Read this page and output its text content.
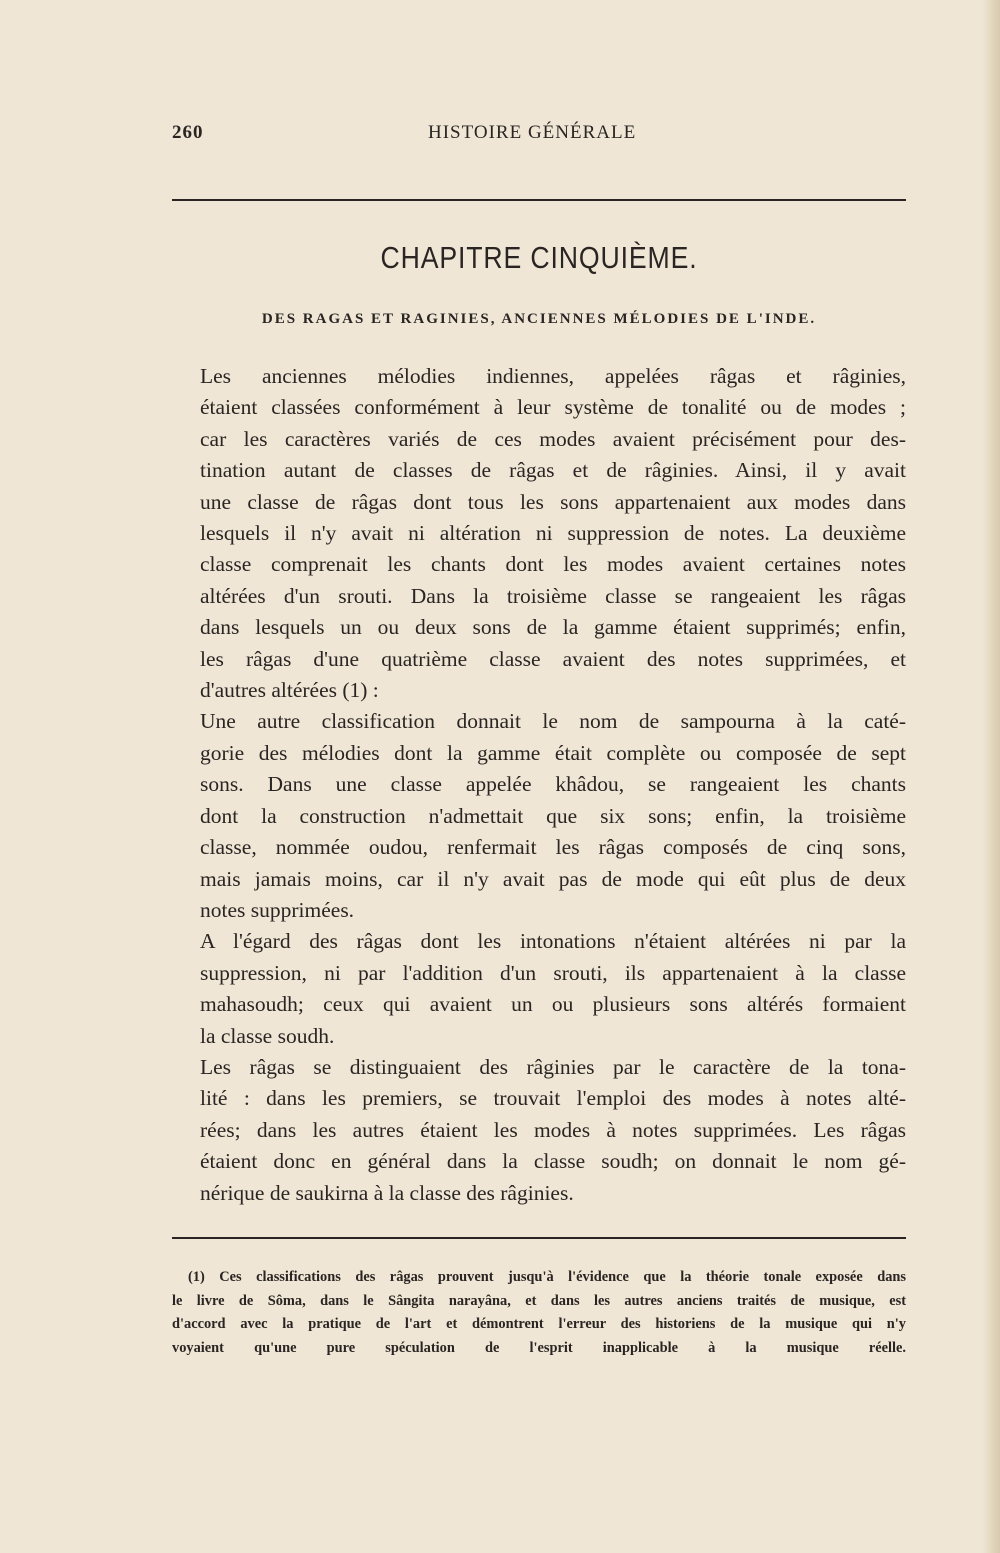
260	HISTOIRE GÉNÉRALE
CHAPITRE CINQUIÈME.
DES RAGAS ET RAGINIES, ANCIENNES MÉLODIES DE L'INDE.
Les anciennes mélodies indiennes, appelées râgas et râginies,
étaient classées conformément à leur système de tonalité ou de modes ;
car les caractères variés de ces modes avaient précisément pour des-
tination autant de classes de râgas et de râginies. Ainsi, il y avait
une classe de râgas dont tous les sons appartenaient aux modes dans
lesquels il n'y avait ni altération ni suppression de notes. La deuxième
classe comprenait les chants dont les modes avaient certaines notes
altérées d'un srouti. Dans la troisième classe se rangeaient les râgas
dans lesquels un ou deux sons de la gamme étaient supprimés; enfin,
les râgas d'une quatrième classe avaient des notes supprimées, et
d'autres altérées (1) :
Une autre classification donnait le nom de sampourna à la caté-
gorie des mélodies dont la gamme était complète ou composée de sept
sons. Dans une classe appelée khâdou, se rangeaient les chants
dont la construction n'admettait que six sons; enfin, la troisième
classe, nommée oudou, renfermait les râgas composés de cinq sons,
mais jamais moins, car il n'y avait pas de mode qui eût plus de deux
notes supprimées.
A l'égard des râgas dont les intonations n'étaient altérées ni par la
suppression, ni par l'addition d'un srouti, ils appartenaient à la classe
mahasoudh; ceux qui avaient un ou plusieurs sons altérés formaient
la classe soudh.
Les râgas se distinguaient des râginies par le caractère de la tona-
lité : dans les premiers, se trouvait l'emploi des modes à notes alté-
rées; dans les autres étaient les modes à notes supprimées. Les râgas
étaient donc en général dans la classe soudh; on donnait le nom gé-
nérique de saukirna à la classe des râginies.
(1) Ces classifications des râgas prouvent jusqu'à l'évidence que la théorie tonale exposée dans
le livre de Sôma, dans le Sângita narayâna, et dans les autres anciens traités de musique, est
d'accord avec la pratique de l'art et démontrent l'erreur des historiens de la musique qui n'y
voyaient qu'une pure spéculation de l'esprit inapplicable à la musique réelle.
